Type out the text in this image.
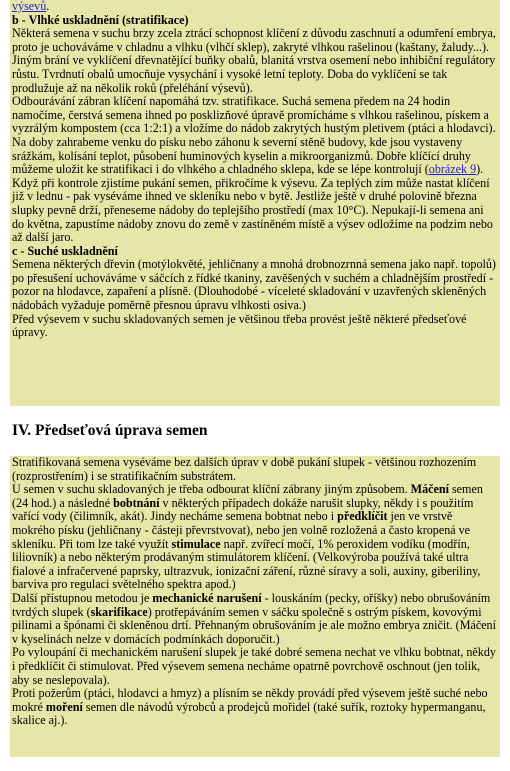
výsevů.

b - Vlhké uskladnění (stratifikace)

Některá semena v suchu brzy zcela ztrácí schopnost klíčení z důvodu zaschnutí a odumření embrya, proto je uchováváme v chladnu a vlhku (vlhčí sklep), zakryté vlhkou rašelinou (kaštany, žaludy...). Jiným brání ve vyklíčení dřevnatějící buňky obalů, blanitá vrstva osemení nebo inhibiční regulátory růstu. Tvrdnutí obalů umocňuje vysychání i vysoké letní teploty. Doba do vyklíčení se tak prodlužuje až na několik roků (přeléhání výsevů).

Odbourávání zábran klíčení napomáhá tzv. stratifikace. Suchá semena předem na 24 hodin namočíme, čerstvá semena ihned po posklizňové úpravě promícháme s vlhkou rašelinou, pískem a vyzrálým kompostem (cca 1:2:1) a vložíme do nádob zakrytých hustým pletivem (ptáci a hlodavci). Na doby zahrabeme venku do písku nebo záhonu k severní stěně budovy, kde jsou vystaveny srážkám, kolísání teplot, působení huminových kyselin a mikroorganizmů. Dobře klíčící druhy můžeme uložit ke stratifikaci i do vlhkého a chladného sklepa, kde se lépe kontrolují (obrázek 9). Když při kontrole zjistíme pukání semen, přikročíme k výsevu. Za teplých zim může nastat klíčení již v lednu - pak vyséváme ihned ve skleníku nebo v bytě. Jestliže ještě v druhé polovině března slupky pevně drží, přeneseme nádoby do teplejšího prostředí (max 10°C). Nepukají-li semena ani do května, zapustíme nádoby znovu do země v zastíněném místě a výsev odložíme na podzim nebo až další jaro.

c - Suché uskladnění

Semena některých dřevin (motýlokvěté, jehličnany a mnohá drobnozrnná semena jako např. topolů) po přesušení uchováváme v sáčcích z řídké tkaniny, zavěšených v suchém a chladnějším prostředí - pozor na hlodavce, zapaření a plísně. (Dlouhodobé - víceleté skladování v uzavřených skleněných nádobách vyžaduje poměrně přesnou úpravu vlhkosti osiva.)

Před výsevem v suchu skladovaných semen je většinou třeba provést ještě některé předseťové úpravy.

IV. Předseťová úprava semen

Stratifikovaná semena vyséváme bez dalších úprav v době pukání slupek - většinou rozhozením (rozprostřením) i se stratifikačním substrátem.

U semen v suchu skladovaných je třeba odbourat klíční zábrany jiným způsobem. Máčení semen (24 hod.) a následné bobtnání v některých případech dokáže narušit slupky, někdy i s použitím vařící vody (čilimník, akát). Jindy necháme semena bobtnat nebo i předklíčit jen ve vrstvě mokrého písku (jehličnany - částeji převrstvovat), nebo jen volně rozložená a často kropená ve skleníku. Při tom lze také využít stimulace např. zvířecí močí, 1% peroxidem vodíku (modřín, liliovník) a nebo některým prodávaným stimulátorem klíčení. (Velkovýroba používá také ultra fialové a infračervené paprsky, ultrazvuk, ionizační záření, různé síravy a soli, auxiny, giberiliny, barviva pro regulaci světelného spektra apod.)

Další přístupnou metodou je mechanické narušení - louskáním (pecky, oříšky) nebo obrušováním tvrdých slupek (skarifikace) protřepáváním semen v sáčku společně s ostrým pískem, kovovými pilinami a špónami či skleněnou drtí. Přehnaným obrušováním je ale možno embrya zničit. (Máčení v kyselinách nelze v domácích podmínkách doporučit.)

Po vyloupání či mechanickém narušení slupek je také dobré semena nechat ve vlhku bobtnat, někdy i předklíčit či stimulovat. Před výsevem semena necháme opatrně povrchově oschnout (jen tolik, aby se neslepovala).

Proti požerům (ptáci, hlodavci a hmyz) a plísním se někdy provádí před výsevem ještě suché nebo mokré moření semen dle návodů výrobců a prodejců mořidel (také suřík, roztoky hypermanganu, skalice aj.).
